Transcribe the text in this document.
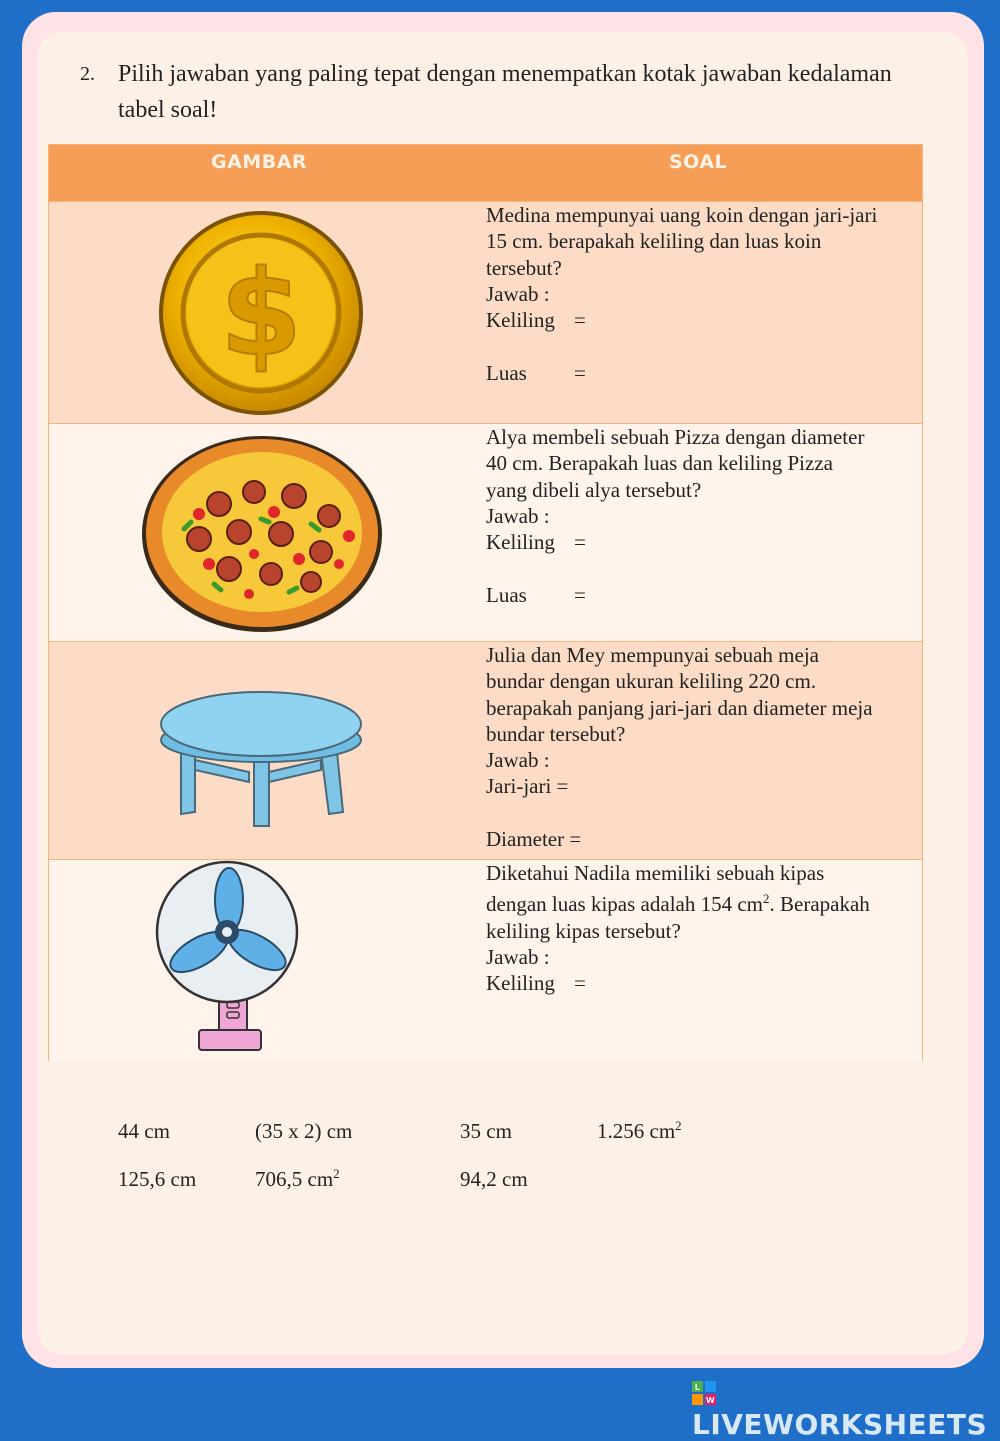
2. Pilih jawaban yang paling tepat dengan menempatkan kotak jawaban kedalaman tabel soal!
GAMBAR	SOAL
$

Medina mempunyai uang koin dengan jari-jari

15 cm. berapakah keliling dan luas koin

tersebut?

Jawab :

Keliling =

Luas =

Alya membeli sebuah Pizza dengan diameter

40 cm. Berapakah luas dan keliling Pizza

yang dibeli alya tersebut?

Jawab :

Keliling =

Luas =

Julia dan Mey mempunyai sebuah meja

bundar dengan ukuran keliling 220 cm.

berapakah panjang jari-jari dan diameter meja

bundar tersebut?

Jawab :

Jari-jari =

Diameter =

Diketahui Nadila memiliki sebuah kipas

dengan luas kipas adalah 154 $cm^2$. Berapakah

keliling kipas tersebut?

Jawab :

Keliling =

44 cm	(35 x 2) cm	35 cm	1.256 $cm^2$
125,6 cm	706,5 $cm^2$	94,2 cm
L
W
LIVEWORKSHEETS
